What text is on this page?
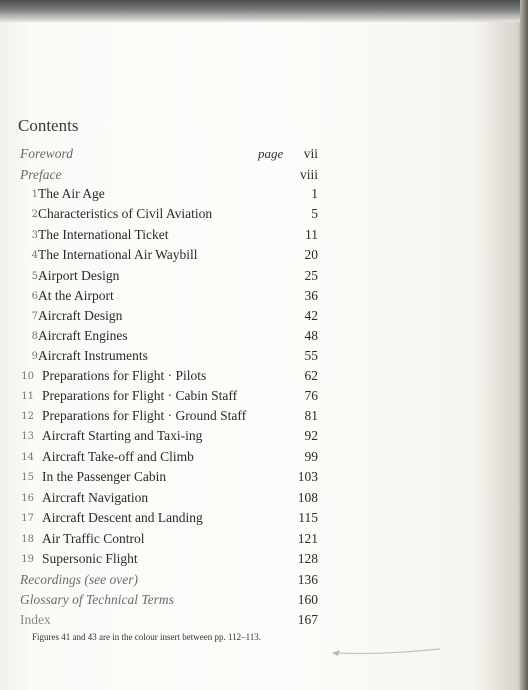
Contents
page
Foreword	vii
Preface	viii
1 The Air Age	1
2 Characteristics of Civil Aviation	5
3 The International Ticket	11
4 The International Air Waybill	20
5 Airport Design	25
6 At the Airport	36
7 Aircraft Design	42
8 Aircraft Engines	48
9 Aircraft Instruments	55
10 Preparations for Flight · Pilots	62
11 Preparations for Flight · Cabin Staff	76
12 Preparations for Flight · Ground Staff	81
13 Aircraft Starting and Taxi-ing	92
14 Aircraft Take-off and Climb	99
15 In the Passenger Cabin	103
16 Aircraft Navigation	108
17 Aircraft Descent and Landing	115
18 Air Traffic Control	121
19 Supersonic Flight	128
Recordings (see over)	136
Glossary of Technical Terms	160
Index	167
Figures 41 and 43 are in the colour insert between pp. 112–113.
